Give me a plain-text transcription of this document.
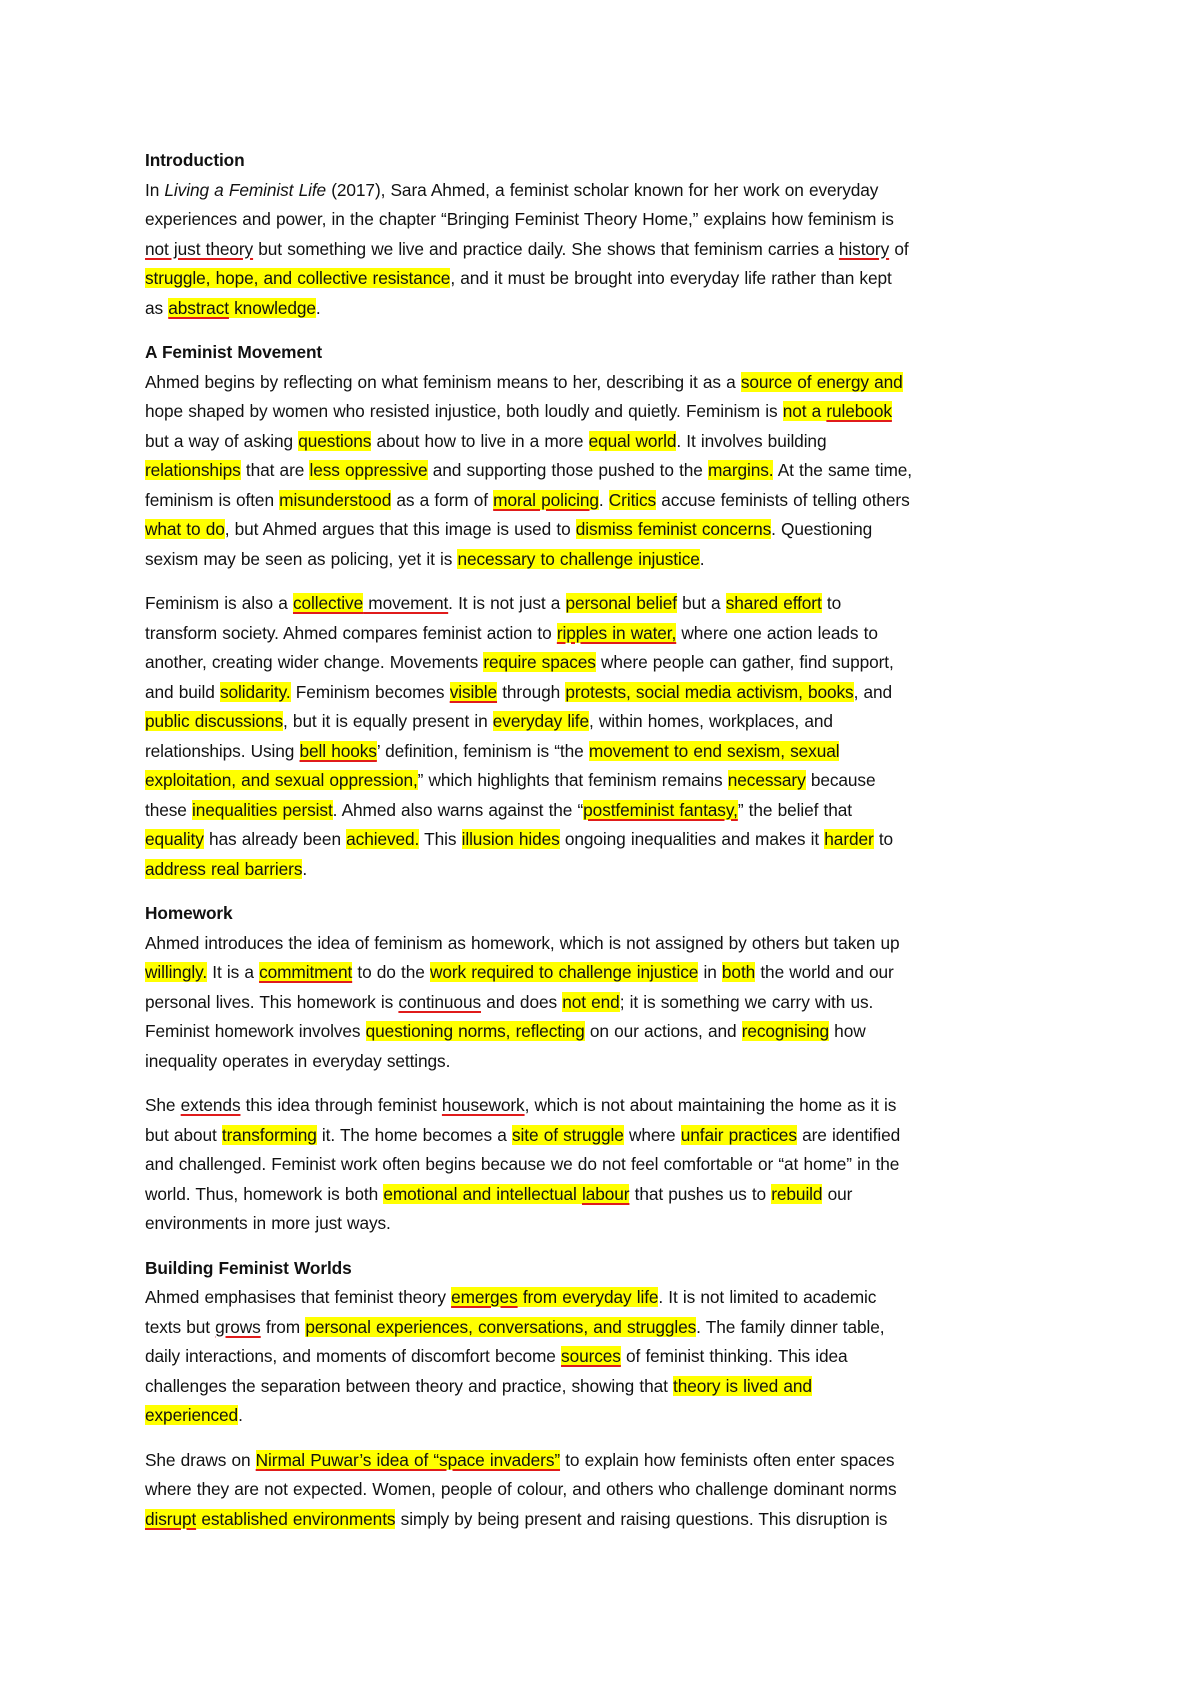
Introduction
In Living a Feminist Life (2017), Sara Ahmed, a feminist scholar known for her work on everyday
experiences and power, in the chapter “Bringing Feminist Theory Home,” explains how feminism is
not just theory but something we live and practice daily. She shows that feminism carries a history of
struggle, hope, and collective resistance, and it must be brought into everyday life rather than kept
as abstract knowledge.
A Feminist Movement
Ahmed begins by reflecting on what feminism means to her, describing it as a source of energy and
hope shaped by women who resisted injustice, both loudly and quietly. Feminism is not a rulebook
but a way of asking questions about how to live in a more equal world. It involves building
relationships that are less oppressive and supporting those pushed to the margins. At the same time,
feminism is often misunderstood as a form of moral policing. Critics accuse feminists of telling others
what to do, but Ahmed argues that this image is used to dismiss feminist concerns. Questioning
sexism may be seen as policing, yet it is necessary to challenge injustice.
Feminism is also a collective movement. It is not just a personal belief but a shared effort to
transform society. Ahmed compares feminist action to ripples in water, where one action leads to
another, creating wider change. Movements require spaces where people can gather, find support,
and build solidarity. Feminism becomes visible through protests, social media activism, books, and
public discussions, but it is equally present in everyday life, within homes, workplaces, and
relationships. Using bell hooks’ definition, feminism is “the movement to end sexism, sexual
exploitation, and sexual oppression,” which highlights that feminism remains necessary because
these inequalities persist. Ahmed also warns against the “postfeminist fantasy,” the belief that
equality has already been achieved. This illusion hides ongoing inequalities and makes it harder to
address real barriers.
Homework
Ahmed introduces the idea of feminism as homework, which is not assigned by others but taken up
willingly. It is a commitment to do the work required to challenge injustice in both the world and our
personal lives. This homework is continuous and does not end; it is something we carry with us.
Feminist homework involves questioning norms, reflecting on our actions, and recognising how
inequality operates in everyday settings.
She extends this idea through feminist housework, which is not about maintaining the home as it is
but about transforming it. The home becomes a site of struggle where unfair practices are identified
and challenged. Feminist work often begins because we do not feel comfortable or “at home” in the
world. Thus, homework is both emotional and intellectual labour that pushes us to rebuild our
environments in more just ways.
Building Feminist Worlds
Ahmed emphasises that feminist theory emerges from everyday life. It is not limited to academic
texts but grows from personal experiences, conversations, and struggles. The family dinner table,
daily interactions, and moments of discomfort become sources of feminist thinking. This idea
challenges the separation between theory and practice, showing that theory is lived and
experienced.
She draws on Nirmal Puwar’s idea of “space invaders” to explain how feminists often enter spaces
where they are not expected. Women, people of colour, and others who challenge dominant norms
disrupt established environments simply by being present and raising questions. This disruption is
